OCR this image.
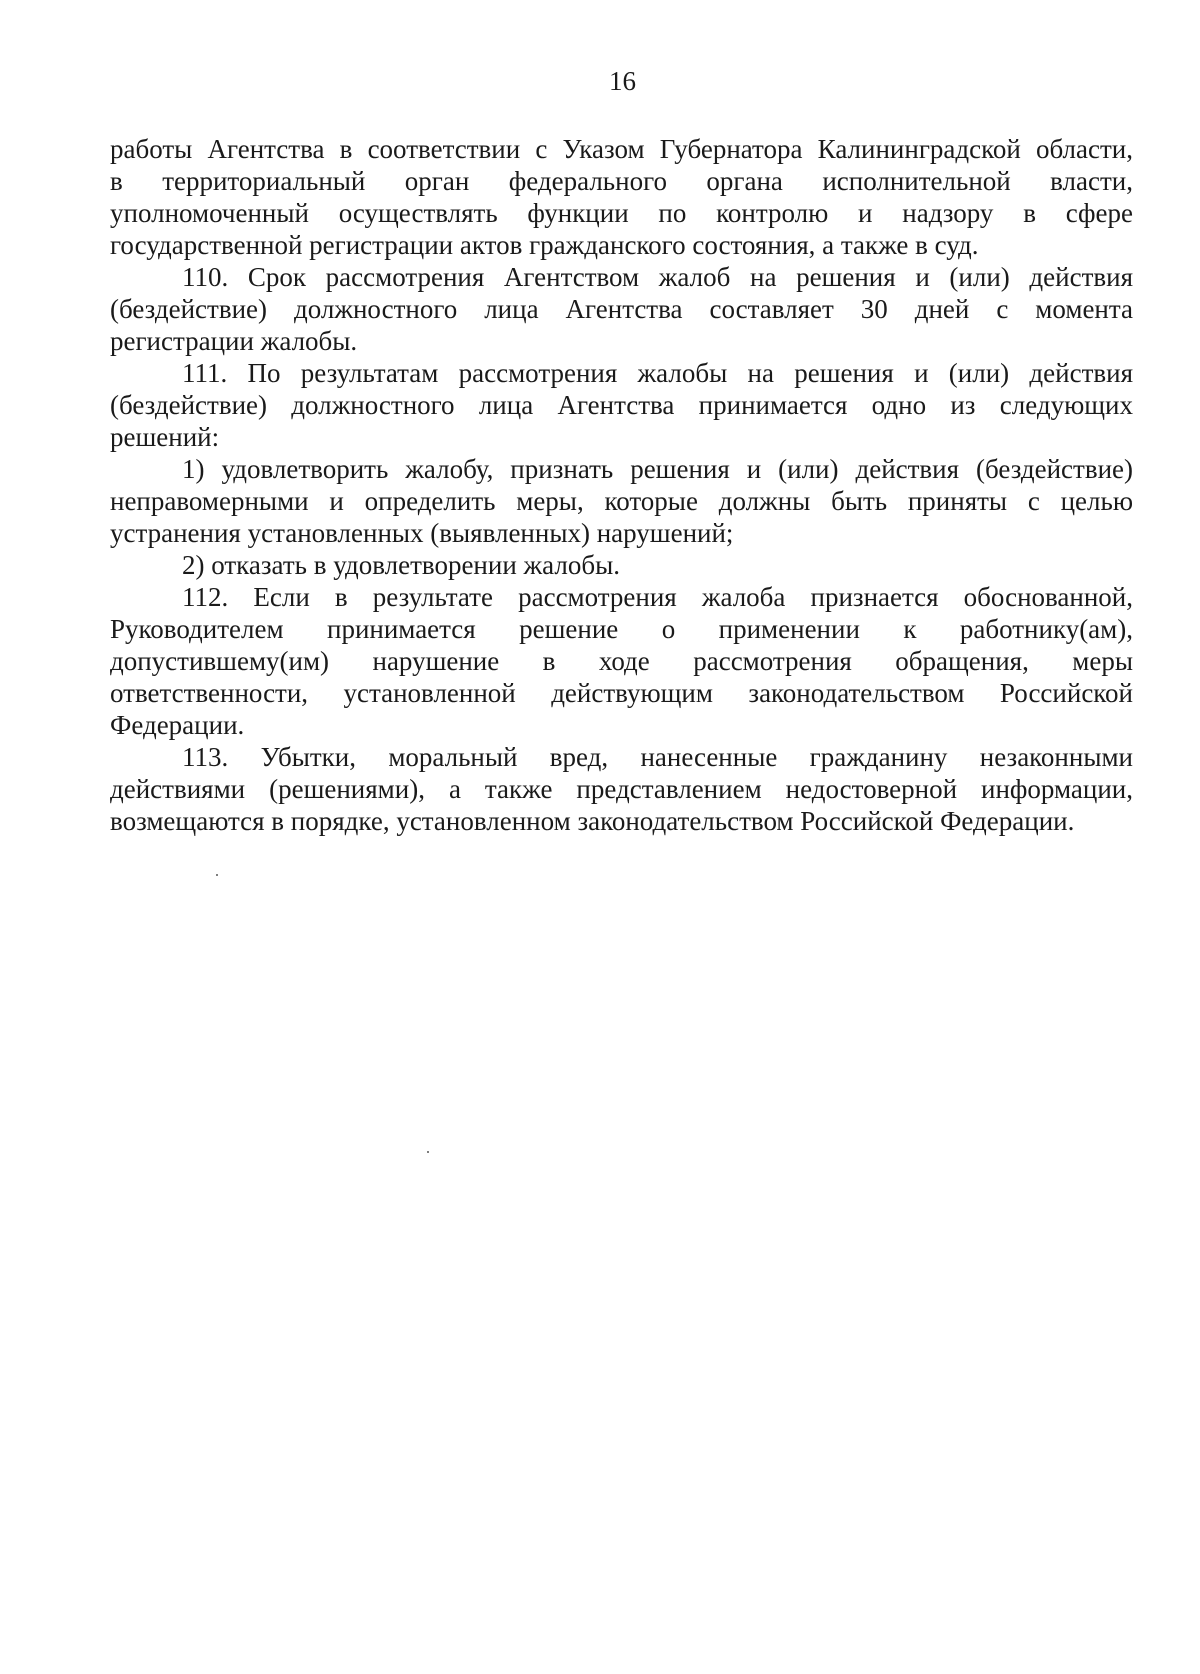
16
работы Агентства в соответствии с Указом Губернатора Калининградской области,
в территориальный орган федерального органа исполнительной власти,
уполномоченный осуществлять функции по контролю и надзору в сфере
государственной регистрации актов гражданского состояния, а также в суд.
110. Срок рассмотрения Агентством жалоб на решения и (или) действия
(бездействие) должностного лица Агентства составляет 30 дней с момента
регистрации жалобы.
111. По результатам рассмотрения жалобы на решения и (или) действия
(бездействие) должностного лица Агентства принимается одно из следующих
решений:
1) удовлетворить жалобу, признать решения и (или) действия (бездействие)
неправомерными и определить меры, которые должны быть приняты с целью
устранения установленных (выявленных) нарушений;
2) отказать в удовлетворении жалобы.
112. Если в результате рассмотрения жалоба признается обоснованной,
Руководителем принимается решение о применении к работнику(ам),
допустившему(им) нарушение в ходе рассмотрения обращения, меры
ответственности, установленной действующим законодательством Российской
Федерации.
113. Убытки, моральный вред, нанесенные гражданину незаконными
действиями (решениями), а также представлением недостоверной информации,
возмещаются в порядке, установленном законодательством Российской Федерации.
